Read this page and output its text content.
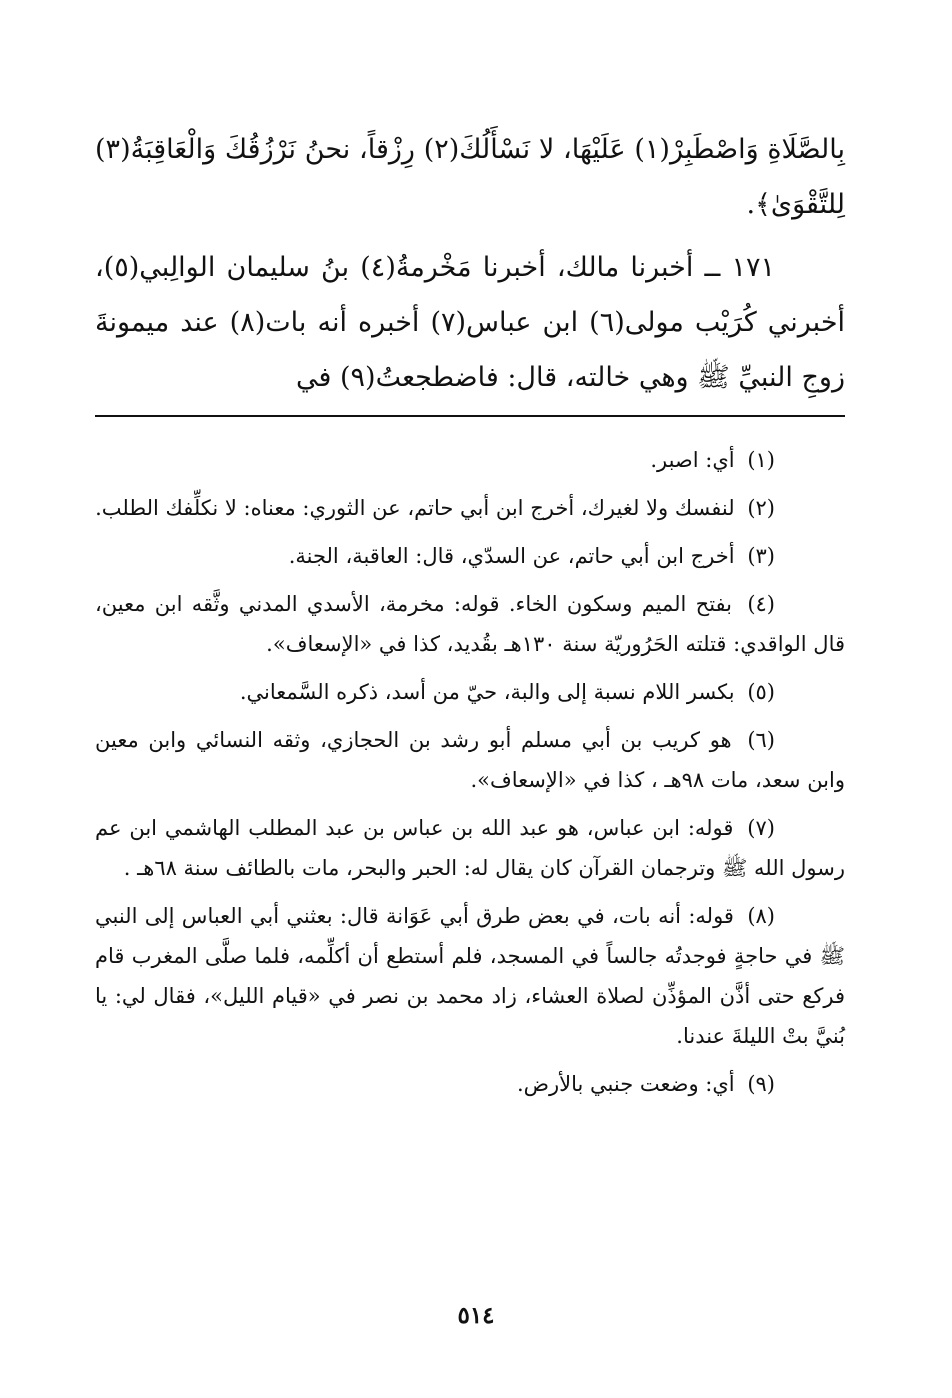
بِالصَّلَاةِ وَاصْطَبِرْ(١) عَلَيْهَا، لا نَسْأَلُكَ(٢) رِزْقاً، نحنُ نَرْزُقُكَ وَالْعَاقِبَةُ(٣) لِلتَّقْوَىٰ﴾.

١٧١ ــ أخبرنا مالك، أخبرنا مَخْرمةُ(٤) بنُ سليمان الوالِبي(٥)، أخبرني كُرَيْب مولى(٦) ابن عباس(٧) أخبره أنه بات(٨) عند ميمونةَ زوجِ النبيِّ ﷺ وهي خالته، قال: فاضطجعتُ(٩) في

(١) أي: اصبر.

(٢) لنفسك ولا لغيرك، أخرج ابن أبي حاتم، عن الثوري: معناه: لا نكلِّفك الطلب.

(٣) أخرج ابن أبي حاتم، عن السدّي، قال: العاقبة، الجنة.

(٤) بفتح الميم وسكون الخاء. قوله: مخرمة، الأسدي المدني وثَّقه ابن معين، قال الواقدي: قتلته الحَرُوريّة سنة ١٣٠هـ بقُديد، كذا في «الإسعاف».

(٥) بكسر اللام نسبة إلى والبة، حيّ من أسد، ذكره السَّمعاني.

(٦) هو كريب بن أبي مسلم أبو رشد بن الحجازي، وثقه النسائي وابن معين وابن سعد، مات ٩٨هـ ، كذا في «الإسعاف».

(٧) قوله: ابن عباس، هو عبد الله بن عباس بن عبد المطلب الهاشمي ابن عم رسول الله ﷺ وترجمان القرآن كان يقال له: الحبر والبحر، مات بالطائف سنة ٦٨هـ .

(٨) قوله: أنه بات، في بعض طرق أبي عَوَانة قال: بعثني أبي العباس إلى النبي ﷺ في حاجةٍ فوجدتُه جالساً في المسجد، فلم أستطع أن أكلِّمه، فلما صلَّى المغرب قام فركع حتى أذَّن المؤذِّن لصلاة العشاء، زاد محمد بن نصر في «قيام الليل»، فقال لي: يا بُنيَّ بتْ الليلةَ عندنا.

(٩) أي: وضعت جنبي بالأرض.

٥١٤
